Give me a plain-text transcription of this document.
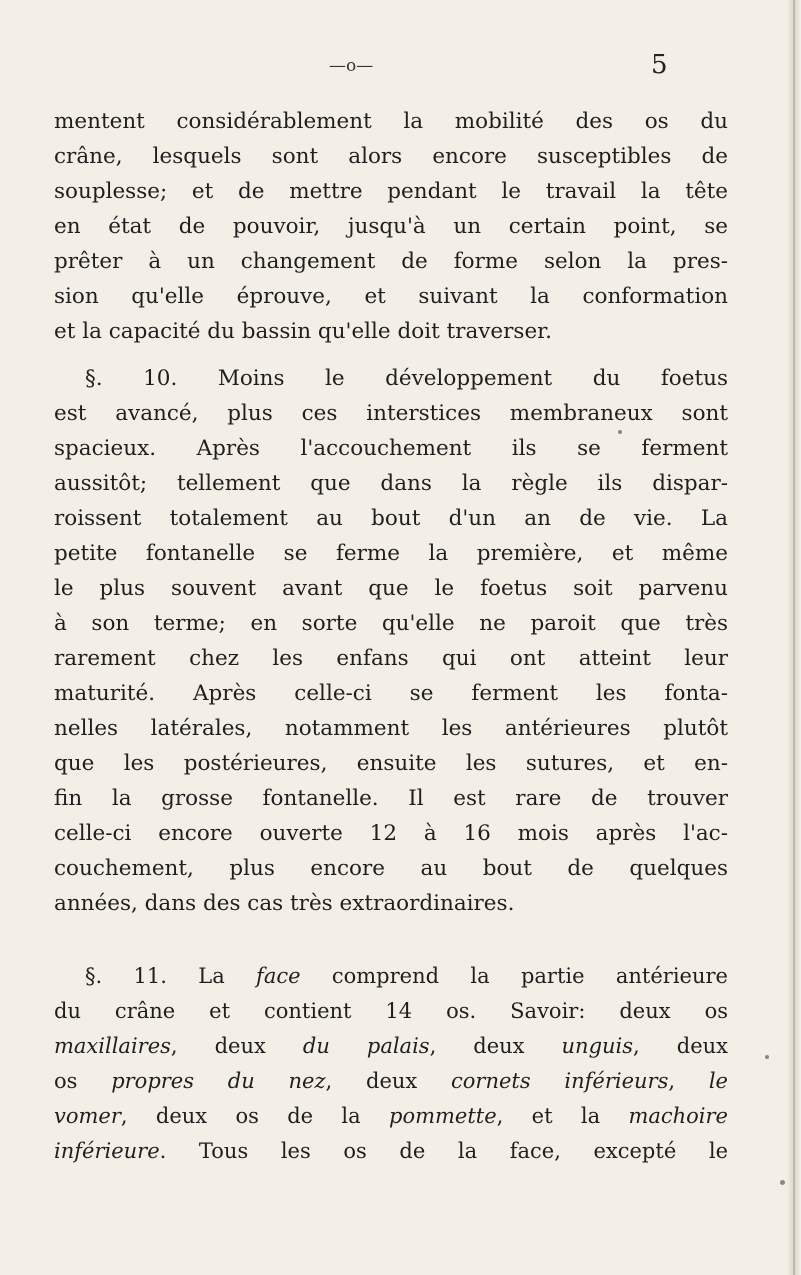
—o—	5
mentent considérablement la mobilité des os du
crâne, lesquels sont alors encore susceptibles de
souplesse; et de mettre pendant le travail la tête
en état de pouvoir, jusqu'à un certain point, se
prêter à un changement de forme selon la pres-
sion qu'elle éprouve, et suivant la conformation
et la capacité du bassin qu'elle doit traverser.
§. 10. Moins le développement du foetus
est avancé, plus ces interstices membraneux sont
spacieux. Après l'accouchement ils se ferment
aussitôt; tellement que dans la règle ils dispar-
roissent totalement au bout d'un an de vie. La
petite fontanelle se ferme la première, et même
le plus souvent avant que le foetus soit parvenu
à son terme; en sorte qu'elle ne paroit que très
rarement chez les enfans qui ont atteint leur
maturité. Après celle-ci se ferment les fonta-
nelles latérales, notamment les antérieures plutôt
que les postérieures, ensuite les sutures, et en-
fin la grosse fontanelle. Il est rare de trouver
celle-ci encore ouverte 12 à 16 mois après l'ac-
couchement, plus encore au bout de quelques
années, dans des cas très extraordinaires.
§. 11. La face comprend la partie antérieure
du crâne et contient 14 os. Savoir: deux os
maxillaires, deux du palais, deux unguis, deux
os propres du nez, deux cornets inférieurs, le
vomer, deux os de la pommette, et la machoire
inférieure. Tous les os de la face, excepté le
